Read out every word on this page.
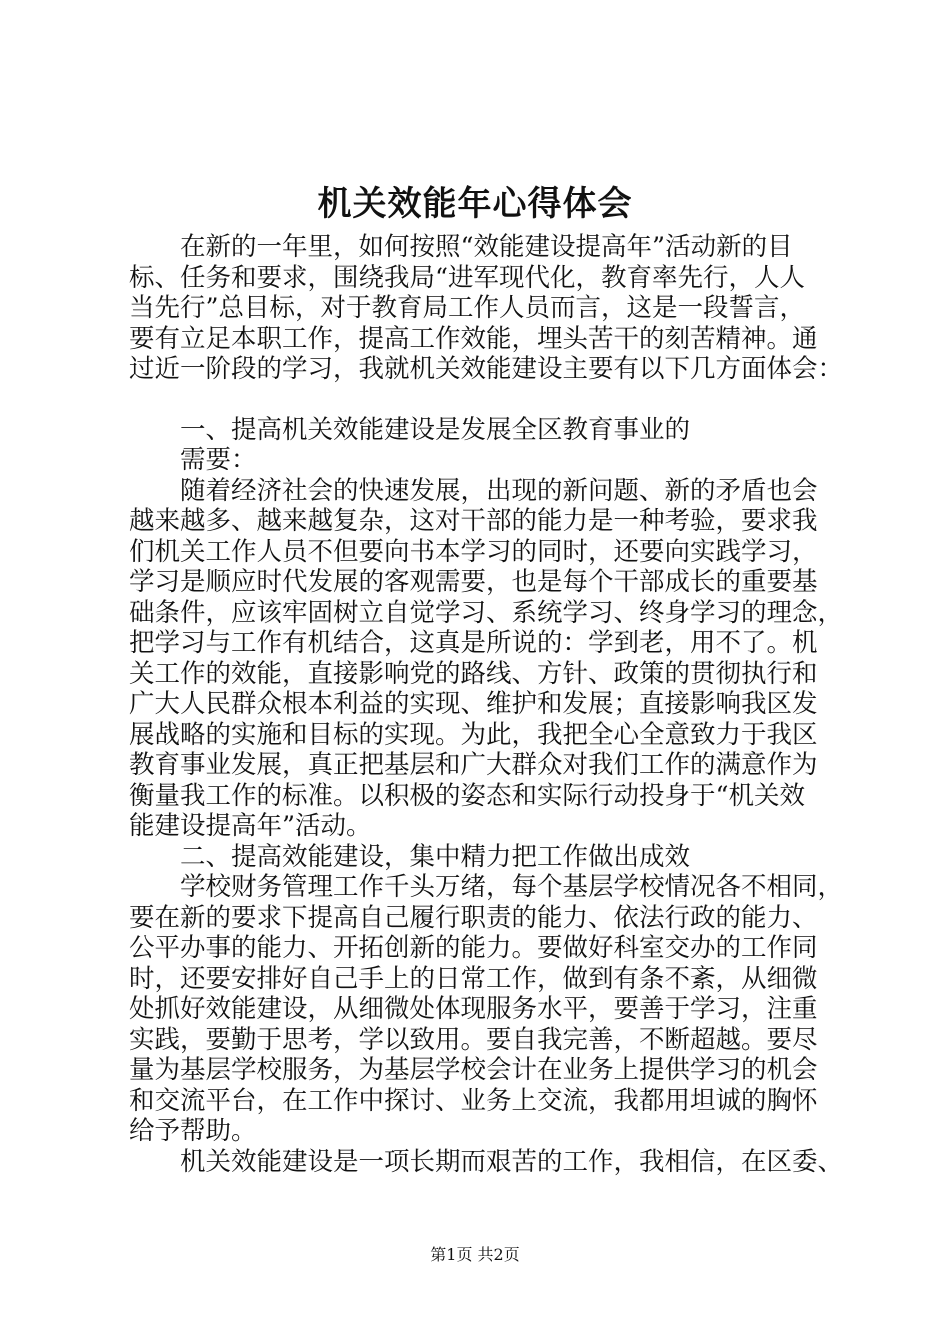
机关效能年心得体会
　　在新的一年里，如何按照“效能建设提高年”活动新的目
标、任务和要求，围绕我局“进军现代化，教育率先行，人人
当先行”总目标，对于教育局工作人员而言，这是一段誓言，
要有立足本职工作，提高工作效能，埋头苦干的刻苦精神。通
过近一阶段的学习，我就机关效能建设主要有以下几方面体会：
　　一、提高机关效能建设是发展全区教育事业的
　　需要：
　　随着经济社会的快速发展，出现的新问题、新的矛盾也会
越来越多、越来越复杂，这对干部的能力是一种考验，要求我
们机关工作人员不但要向书本学习的同时，还要向实践学习，
学习是顺应时代发展的客观需要，也是每个干部成长的重要基
础条件，应该牢固树立自觉学习、系统学习、终身学习的理念，
把学习与工作有机结合，这真是所说的：学到老，用不了。机
关工作的效能，直接影响党的路线、方针、政策的贯彻执行和
广大人民群众根本利益的实现、维护和发展；直接影响我区发
展战略的实施和目标的实现。为此，我把全心全意致力于我区
教育事业发展，真正把基层和广大群众对我们工作的满意作为
衡量我工作的标准。以积极的姿态和实际行动投身于“机关效
能建设提高年”活动。
　　二、提高效能建设，集中精力把工作做出成效
　　学校财务管理工作千头万绪，每个基层学校情况各不相同，
要在新的要求下提高自己履行职责的能力、依法行政的能力、
公平办事的能力、开拓创新的能力。要做好科室交办的工作同
时，还要安排好自己手上的日常工作，做到有条不紊，从细微
处抓好效能建设，从细微处体现服务水平，要善于学习，注重
实践，要勤于思考，学以致用。要自我完善，不断超越。要尽
量为基层学校服务，为基层学校会计在业务上提供学习的机会
和交流平台，在工作中探讨、业务上交流，我都用坦诚的胸怀
给予帮助。
　　机关效能建设是一项长期而艰苦的工作，我相信，在区委、
第1页 共2页
